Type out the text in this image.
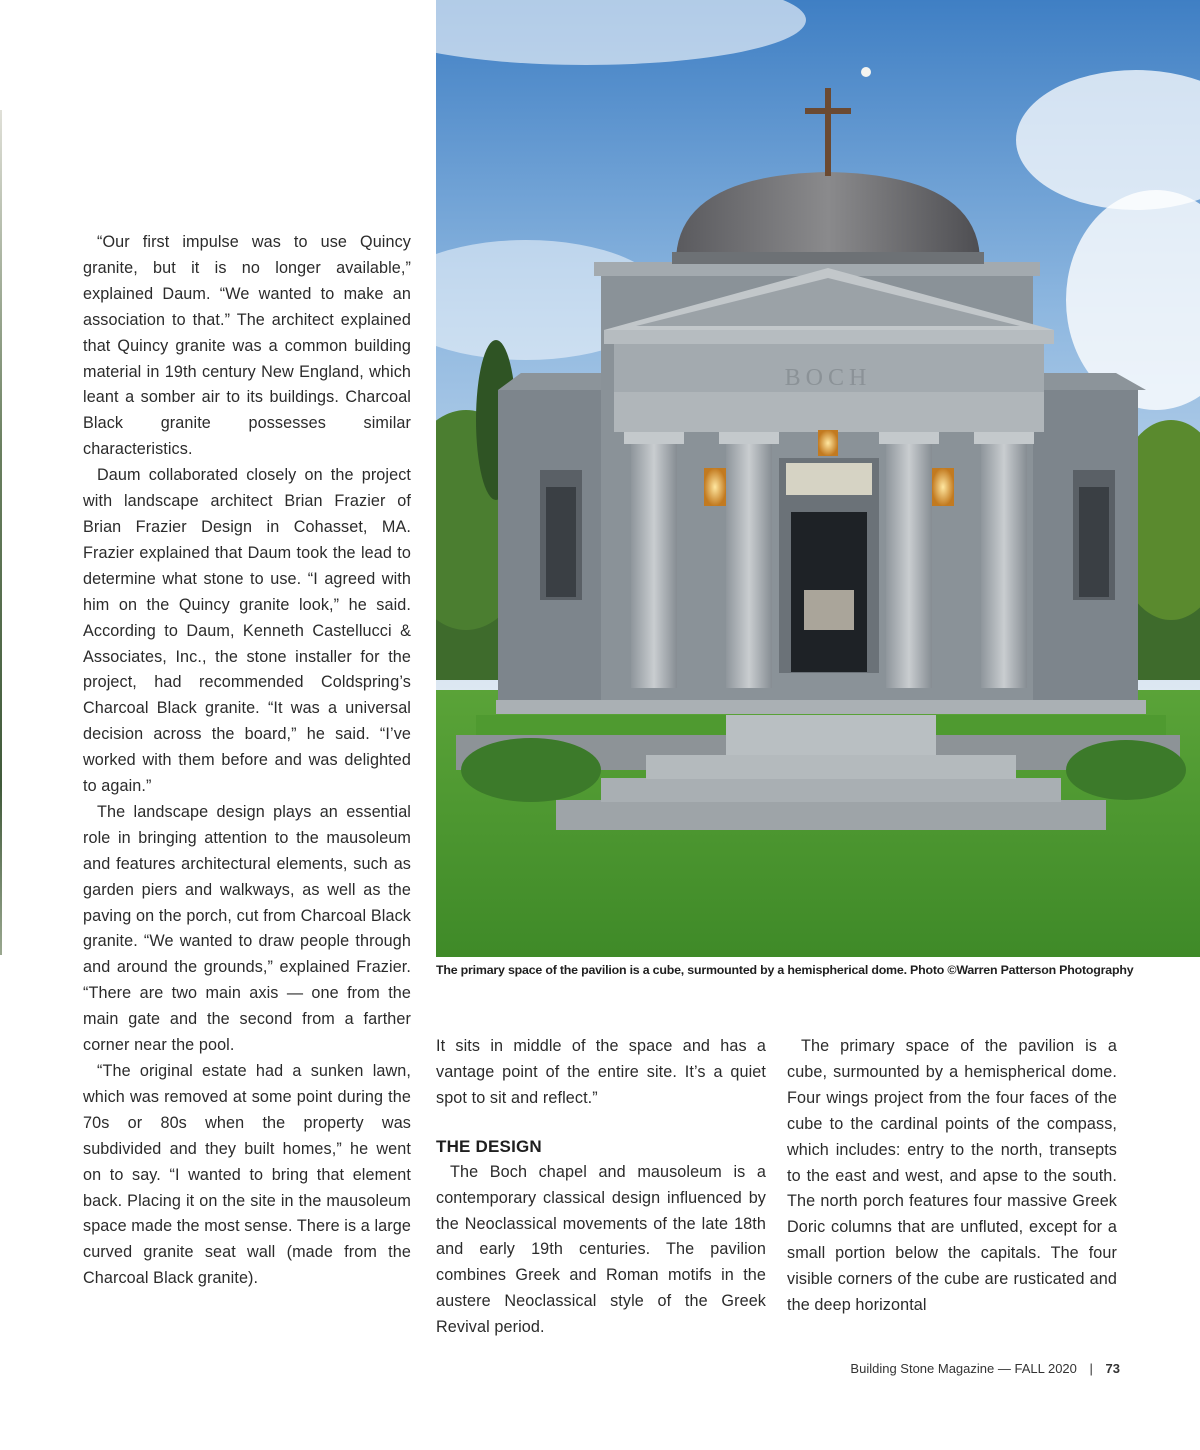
“Our first impulse was to use Quincy granite, but it is no longer available,” explained Daum. “We wanted to make an association to that.” The architect explained that Quincy granite was a common building material in 19th century New England, which leant a somber air to its buildings. Charcoal Black granite possesses similar characteristics.

Daum collaborated closely on the project with landscape architect Brian Frazier of Brian Frazier Design in Cohasset, MA. Frazier explained that Daum took the lead to determine what stone to use. “I agreed with him on the Quincy granite look,” he said. According to Daum, Kenneth Castellucci & Associates, Inc., the stone installer for the project, had recommended Coldspring’s Charcoal Black granite. “It was a universal decision across the board,” he said. “I’ve worked with them before and was delighted to again.”

The landscape design plays an essential role in bringing attention to the mausoleum and features architectural elements, such as garden piers and walkways, as well as the paving on the porch, cut from Charcoal Black granite. “We wanted to draw people through and around the grounds,” explained Frazier. “There are two main axis — one from the main gate and the second from a farther corner near the pool.

“The original estate had a sunken lawn, which was removed at some point during the 70s or 80s when the property was subdivided and they built homes,” he went on to say. “I wanted to bring that element back. Placing it on the site in the mausoleum space made the most sense. There is a large curved granite seat wall (made from the Charcoal Black granite).

BOCH
The primary space of the pavilion is a cube, surmounted by a hemispherical dome. Photo ©Warren Patterson Photography

It sits in middle of the space and has a vantage point of the entire site. It’s a quiet spot to sit and reflect.”

THE DESIGN

The Boch chapel and mausoleum is a contemporary classical design influenced by the Neoclassical movements of the late 18th and early 19th centuries. The pavilion combines Greek and Roman motifs in the austere Neoclassical style of the Greek Revival period.

The primary space of the pavilion is a cube, surmounted by a hemispherical dome. Four wings project from the four faces of the cube to the cardinal points of the compass, which includes: entry to the north, transepts to the east and west, and apse to the south. The north porch features four massive Greek Doric columns that are unfluted, except for a small portion below the capitals. The four visible corners of the cube are rusticated and the deep horizontal

Building Stone Magazine — FALL 2020 | 73
